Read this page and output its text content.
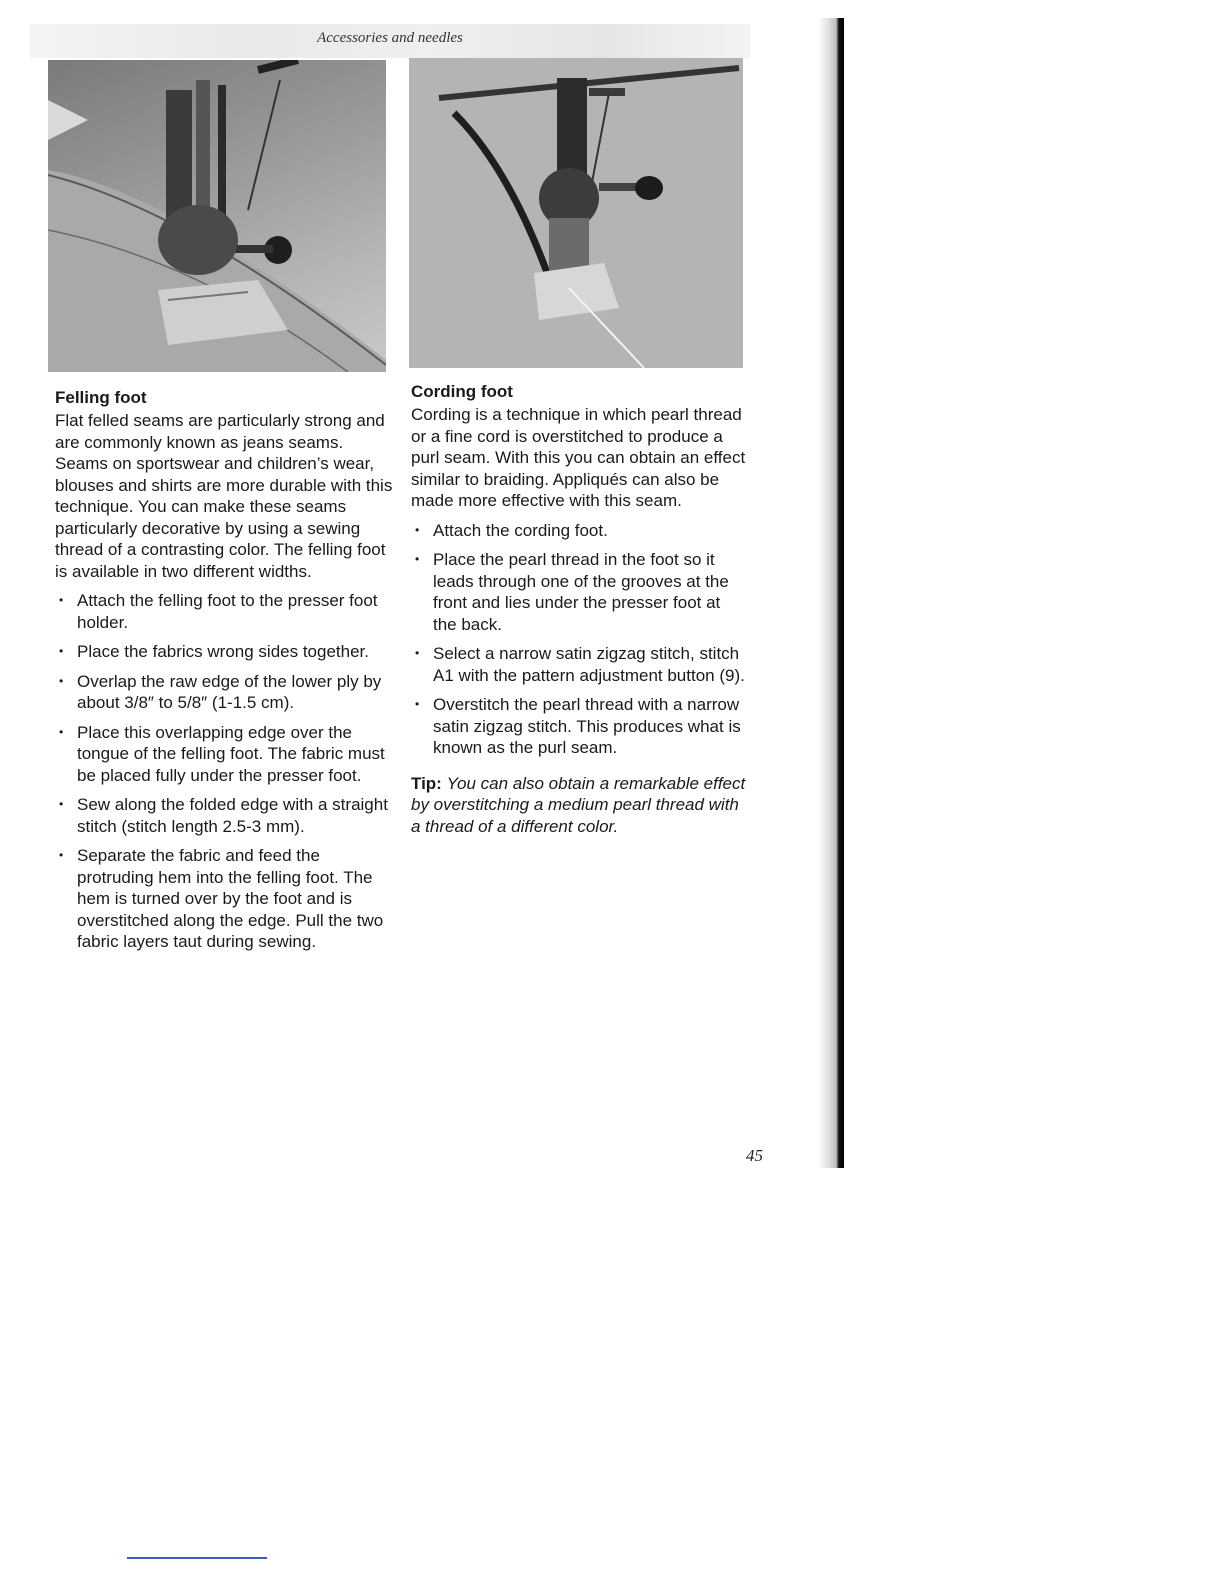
Accessories and needles
Felling foot

Flat felled seams are particularly strong and are commonly known as jeans seams. Seams on sportswear and children’s wear, blouses and shirts are more durable with this technique. You can make these seams particularly decorative by using a sewing thread of a contrasting color. The felling foot is available in two different widths.

• Attach the felling foot to the presser foot holder.
• Place the fabrics wrong sides together.
• Overlap the raw edge of the lower ply by about 3/8″ to 5/8″ (1-1.5 cm).
• Place this overlapping edge over the tongue of the felling foot. The fabric must be placed fully under the presser foot.
• Sew along the folded edge with a straight stitch (stitch length 2.5-3 mm).
• Separate the fabric and feed the protruding hem into the felling foot. The hem is turned over by the foot and is overstitched along the edge. Pull the two fabric layers taut during sewing.
Cording foot

Cording is a technique in which pearl thread or a fine cord is overstitched to produce a purl seam. With this you can obtain an effect similar to braiding. Appliqués can also be made more effective with this seam.

• Attach the cording foot.
• Place the pearl thread in the foot so it leads through one of the grooves at the front and lies under the presser foot at the back.
• Select a narrow satin zigzag stitch, stitch A1 with the pattern adjustment button (9).
• Overstitch the pearl thread with a narrow satin zigzag stitch. This produces what is known as the purl seam.

Tip: You can also obtain a remarkable effect by overstitching a medium pearl thread with a thread of a different color.

45
